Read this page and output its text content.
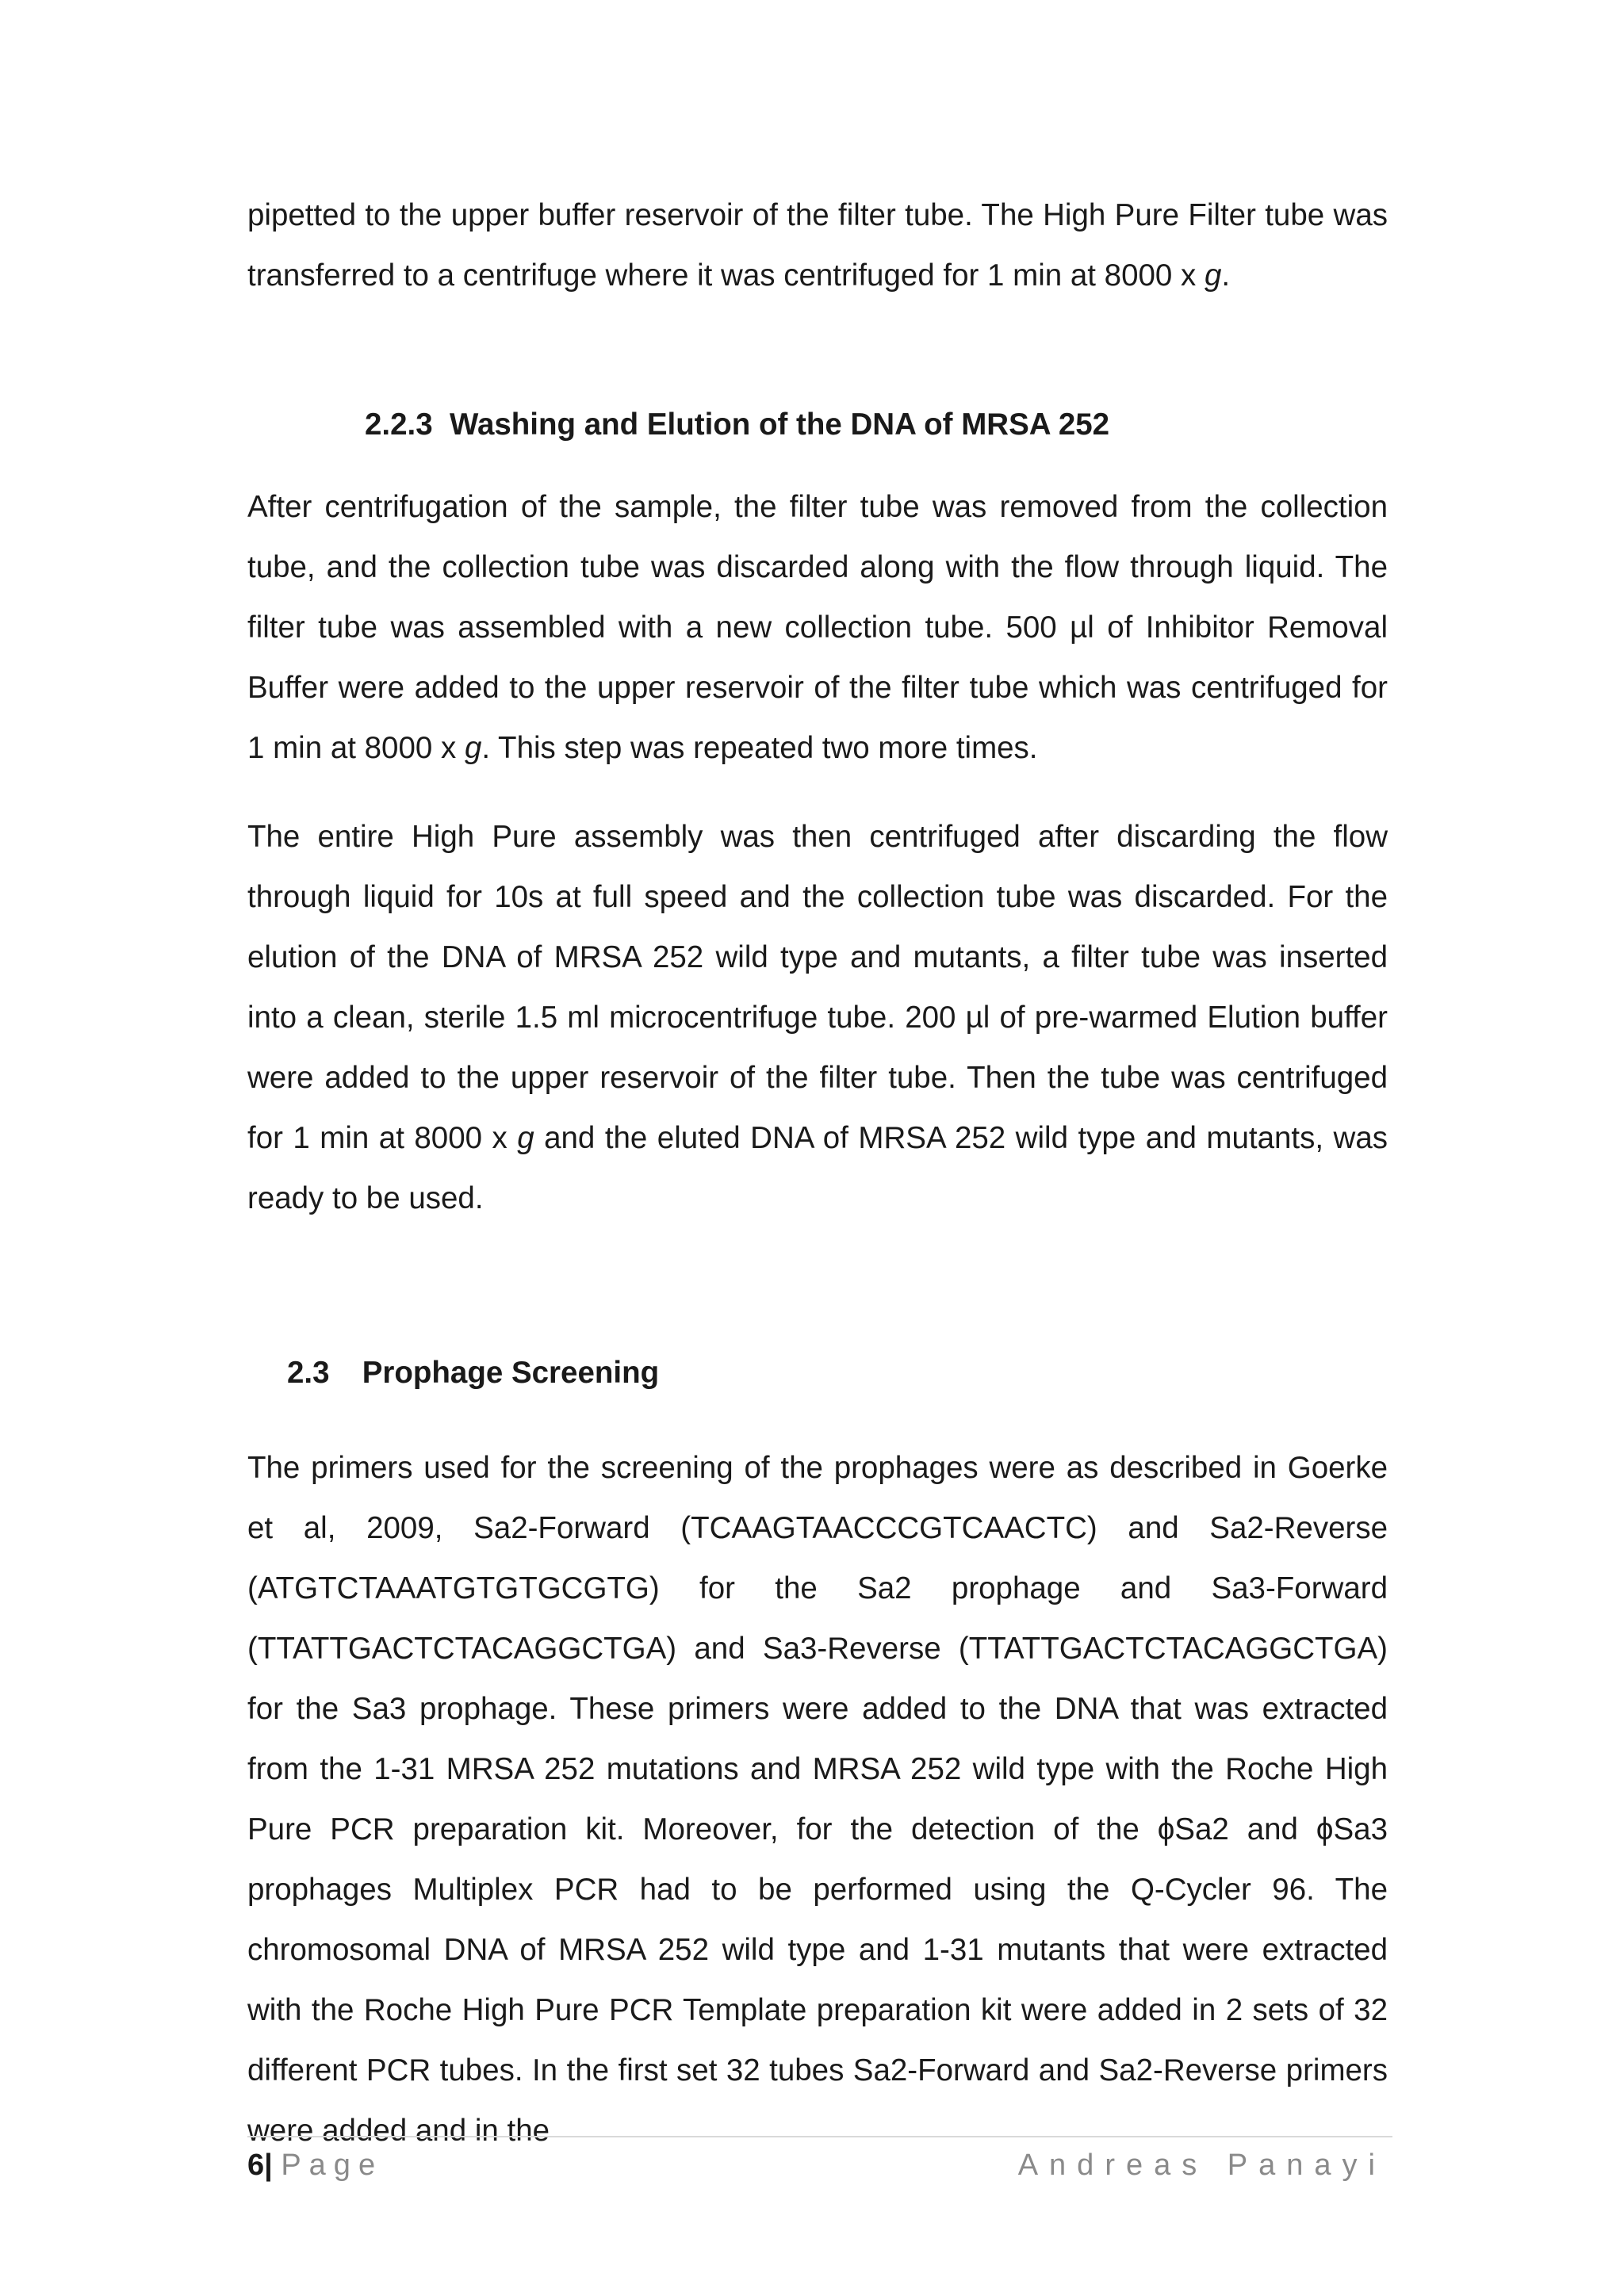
pipetted to the upper buffer reservoir of the filter tube. The High Pure Filter tube was transferred to a centrifuge where it was centrifuged for 1 min at 8000 x g.

2.2.3 Washing and Elution of the DNA of MRSA 252

After centrifugation of the sample, the filter tube was removed from the collection tube, and the collection tube was discarded along with the flow through liquid. The filter tube was assembled with a new collection tube. 500 µl of Inhibitor Removal Buffer were added to the upper reservoir of the filter tube which was centrifuged for 1 min at 8000 x g. This step was repeated two more times.

The entire High Pure assembly was then centrifuged after discarding the flow through liquid for 10s at full speed and the collection tube was discarded. For the elution of the DNA of MRSA 252 wild type and mutants, a filter tube was inserted into a clean, sterile 1.5 ml microcentrifuge tube. 200 µl of pre-warmed Elution buffer were added to the upper reservoir of the filter tube. Then the tube was centrifuged for 1 min at 8000 x g and the eluted DNA of MRSA 252 wild type and mutants, was ready to be used.

2.3 Prophage Screening

The primers used for the screening of the prophages were as described in Goerke et al, 2009, Sa2-Forward (TCAAGTAACCCGTCAACTC) and Sa2-Reverse (ATGTCTAAATGTGTGCGTG) for the Sa2 prophage and Sa3-Forward (TTATTGACTCTACAGGCTGA) and Sa3-Reverse (TTATTGACTCTACAGGCTGA) for the Sa3 prophage. These primers were added to the DNA that was extracted from the 1-31 MRSA 252 mutations and MRSA 252 wild type with the Roche High Pure PCR preparation kit. Moreover, for the detection of the ϕSa2 and ϕSa3 prophages Multiplex PCR had to be performed using the Q-Cycler 96. The chromosomal DNA of MRSA 252 wild type and 1-31 mutants that were extracted with the Roche High Pure PCR Template preparation kit were added in 2 sets of 32 different PCR tubes. In the first set 32 tubes Sa2-Forward and Sa2-Reverse primers were added and in the

6| Page	Andreas Panayi
